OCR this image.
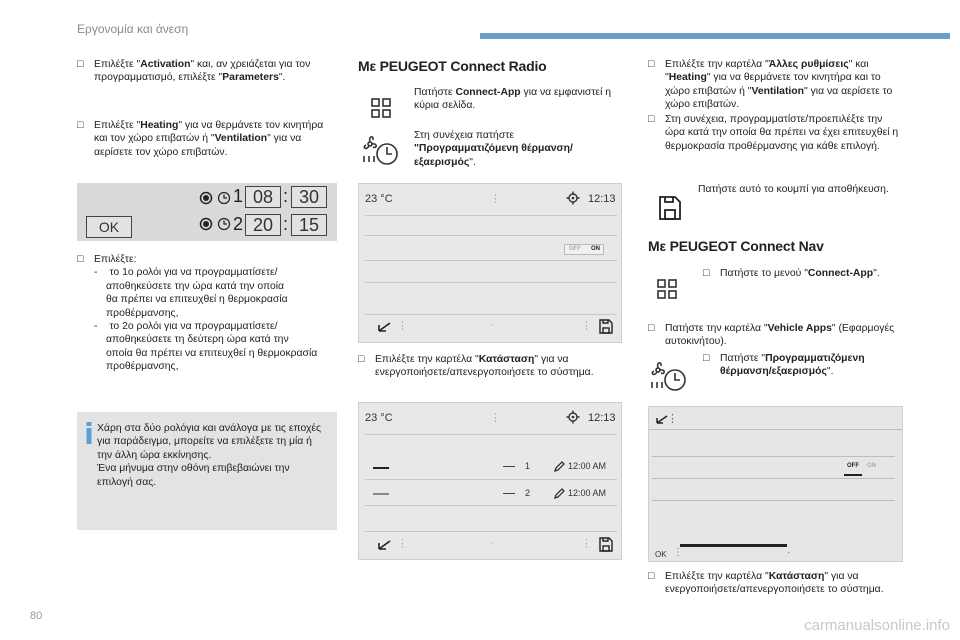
Εργονομία και άνεση
□ Επιλέξτε "Activation" και, αν χρειάζεται για τον
προγραμματισμό, επιλέξτε "Parameters".
□ Επιλέξτε "Heating" για να θερμάνετε τον κινητήρα
και τον χώρο επιβατών ή "Ventilation" για να
αερίσετε τον χώρο επιβατών.
OK
1 08 : 30
2 20 : 15
□ Επιλέξτε:
- το 1ο ρολόι για να προγραμματίσετε/
αποθηκεύσετε την ώρα κατά την οποία
θα πρέπει να επιτευχθεί η θερμοκρασία
προθέρμανσης,
- το 2ο ρολόι για να προγραμματίσετε/
αποθηκεύσετε τη δεύτερη ώρα κατά την
οποία θα πρέπει να επιτευχθεί η θερμοκρασία
προθέρμανσης,
Χάρη στα δύο ρολόγια και ανάλογα με τις εποχές
για παράδειγμα, μπορείτε να επιλέξετε τη μία ή
την άλλη ώρα εκκίνησης.
Ένα μήνυμα στην οθόνη επιβεβαιώνει την
επιλογή σας.
Με PEUGEOT Connect Radio
Πατήστε Connect-App για να εμφανιστεί η
κύρια σελίδα.
Στη συνέχεια πατήστε
"Προγραμματιζόμενη θέρμανση/
εξαερισμός".
23 °C	⋮	12:13
OFF ON
⋮	·	⋮
□ Επιλέξτε την καρτέλα "Κατάσταση" για να
ενεργοποιήσετε/απενεργοποιήσετε το σύστημα.
23 °C	⋮	12:13
1	12:00 AM
2	12:00 AM
⋮	·	⋮
□ Επιλέξτε την καρτέλα "Άλλες ρυθμίσεις" και
"Heating" για να θερμάνετε τον κινητήρα και το
χώρο επιβατών ή "Ventilation" για να αερίσετε το
χώρο επιβατών.
□ Στη συνέχεια, προγραμματίστε/προεπιλέξτε την
ώρα κατά την οποία θα πρέπει να έχει επιτευχθεί η
θερμοκρασία προθέρμανσης για κάθε επιλογή.
Πατήστε αυτό το κουμπί για αποθήκευση.
Με PEUGEOT Connect Nav
□ Πατήστε το μενού "Connect-App".
□ Πατήστε την καρτέλα "Vehicle Apps" (Εφαρμογές
αυτοκινήτου).
□ Πατήστε "Προγραμματιζόμενη
θέρμανση/εξαερισμός".
⋮
OFF ON
OK ⋮	·
□ Επιλέξτε την καρτέλα "Κατάσταση" για να
ενεργοποιήσετε/απενεργοποιήσετε το σύστημα.
80
carmanualsonline.info
